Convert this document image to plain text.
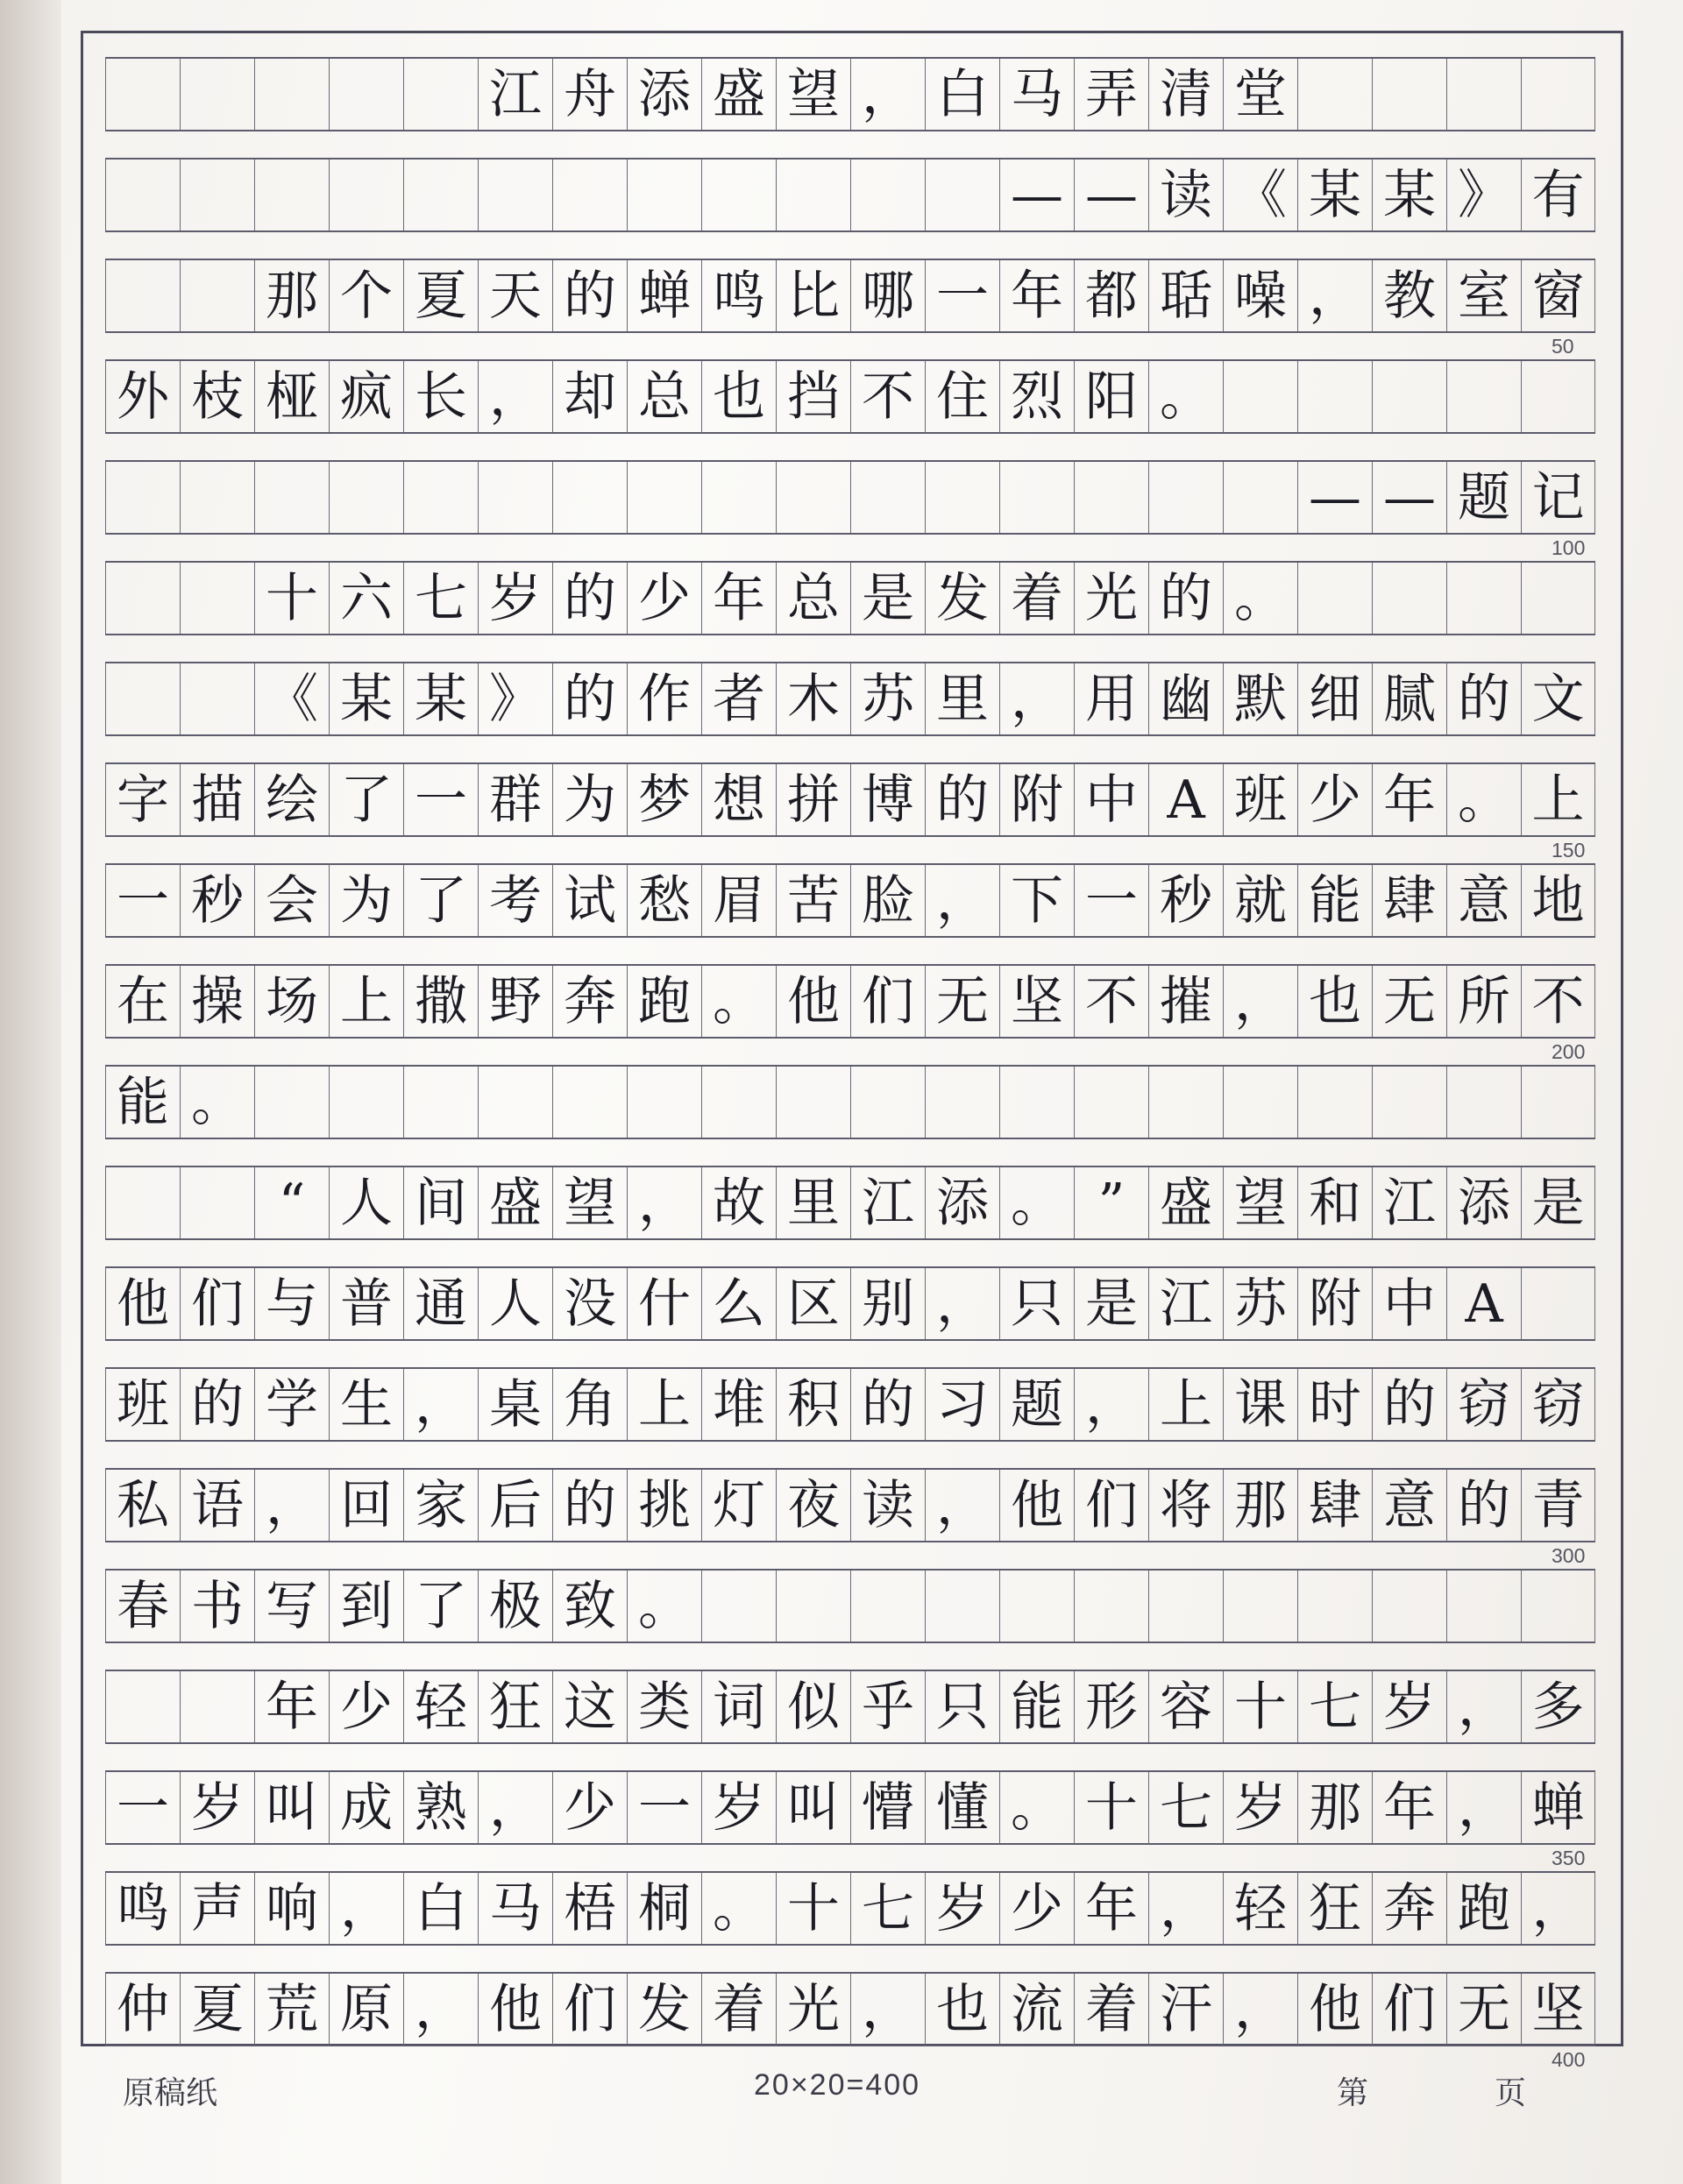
江 舟 添 盛 望 ， 白 马 弄 清 堂
— — 读 《 某 某 》 有
那 个 夏 天 的 蝉 鸣 比 哪 一 年 都 聒 噪 ， 教 室 窗
外 枝 桠 疯 长 ， 却 总 也 挡 不 住 烈 阳 。
— — 题 记
十 六 七 岁 的 少 年 总 是 发 着 光 的 。
《 某 某 》 的 作 者 木 苏 里 ， 用 幽 默 细 腻 的 文
字 描 绘 了 一 群 为 梦 想 拼 博 的 附 中 A 班 少 年 。 上
一 秒 会 为 了 考 试 愁 眉 苦 脸 ， 下 一 秒 就 能 肆 意 地
在 操 场 上 撒 野 奔 跑 。 他 们 无 坚 不 摧 ， 也 无 所 不
能 。
“ 人 间 盛 望 ， 故 里 江 添 。 ” 盛 望 和 江 添 是
他 们 与 普 通 人 没 什 么 区 别 ， 只 是 江 苏 附 中 A
班 的 学 生 ， 桌 角 上 堆 积 的 习 题 ， 上 课 时 的 窃 窃
私 语 ， 回 家 后 的 挑 灯 夜 读 ， 他 们 将 那 肆 意 的 青
春 书 写 到 了 极 致 。
年 少 轻 狂 这 类 词 似 乎 只 能 形 容 十 七 岁 ， 多
一 岁 叫 成 熟 ， 少 一 岁 叫 懵 懂 。 十 七 岁 那 年 ， 蝉
鸣 声 响 ， 白 马 梧 桐 。 十 七 岁 少 年 ， 轻 狂 奔 跑 ，
仲 夏 荒 原 ， 他 们 发 着 光 ， 也 流 着 汗 ， 他 们 无 坚
50
100
150
200
300
350
400
原稿纸	20×20=400	第	页
